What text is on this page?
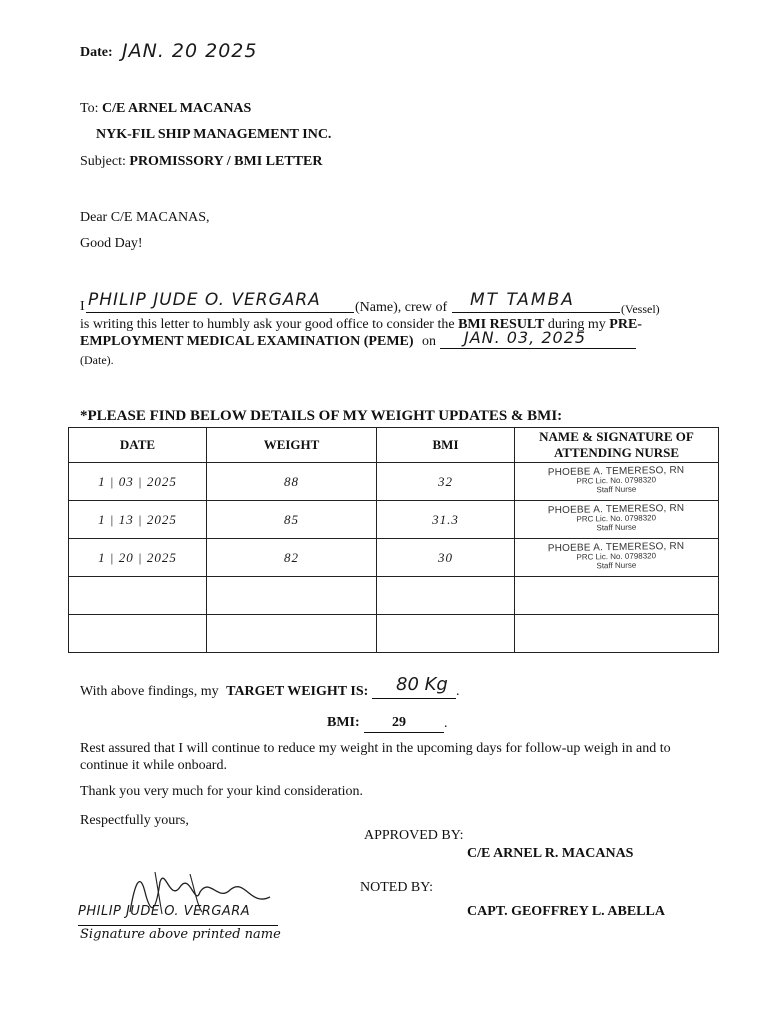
Date: JAN. 20 2025
To: C/E ARNEL MACANAS
NYK-FIL SHIP MANAGEMENT INC.
Subject: PROMISSORY / BMI LETTER
Dear C/E MACANAS,
Good Day!
I PHILIP JUDE O. VERGARA (Name), crew of MT TAMBA	(Vessel)
is writing this letter to humbly ask your good office to consider the BMI RESULT during my PRE-
EMPLOYMENT MEDICAL EXAMINATION (PEME) on JAN. 03, 2025
(Date).
*PLEASE FIND BELOW DETAILS OF MY WEIGHT UPDATES & BMI:
DATE	WEIGHT	BMI	NAME & SIGNATURE OF ATTENDING NURSE
1 | 03 | 2025	88	32	PHOEBE A. TEMERESO, RN
PRC Lic. No. 0798320
Staff Nurse

1 | 13 | 2025	85	31.3	PHOEBE A. TEMERESO, RN
PRC Lic. No. 0798320
Staff Nurse

1 | 20 | 2025	82	30	PHOEBE A. TEMERESO, RN
PRC Lic. No. 0798320
Staff Nurse

With above findings, my TARGET WEIGHT IS: 80 Kg .
BMI: 29	.
Rest assured that I will continue to reduce my weight in the upcoming days for follow-up weigh in and to continue it while onboard.
Thank you very much for your kind consideration.
Respectfully yours,
APPROVED BY:
C/E ARNEL R. MACANAS
NOTED BY:
CAPT. GEOFFREY L. ABELLA
PHILIP JUDE O. VERGARA
Signature above printed name
